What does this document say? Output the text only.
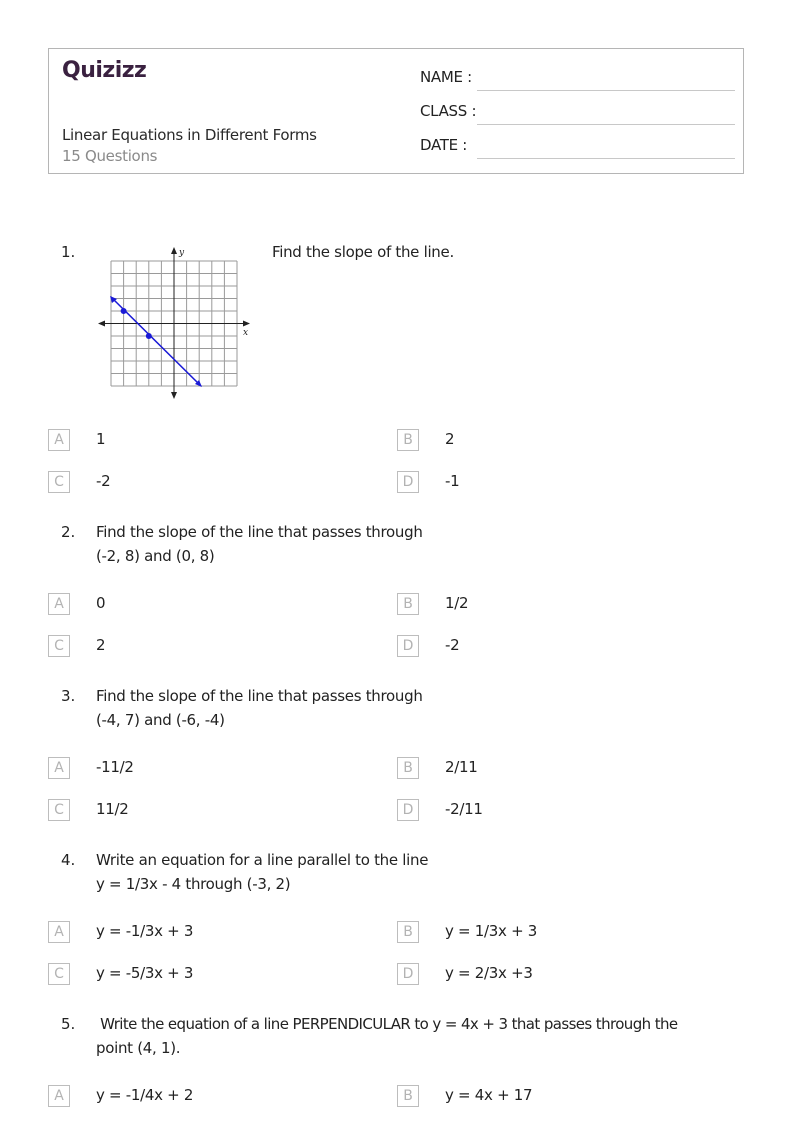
Quizizz
Linear Equations in Different Forms
15 Questions
NAME :
CLASS :
DATE :
1.	y
x
Find the slope of the line.
A	1	B	2
C	-2	D	-1
2. Find the slope of the line that passes through
(-2, 8) and (0, 8)
A	0	B	1/2
C	2	D	-2
3. Find the slope of the line that passes through
(-4, 7) and (-6, -4)
A	-11/2	B	2/11
C	11/2	D	-2/11
4. Write an equation for a line parallel to the line
y = 1/3x - 4 through (-3, 2)
A	y = -1/3x + 3	B	y = 1/3x + 3
C	y = -5/3x + 3	D	y = 2/3x +3
5. Write the equation of a line PERPENDICULAR to y = 4x + 3 that passes through the
point (4, 1).
A	y = -1/4x + 2	B	y = 4x + 17
